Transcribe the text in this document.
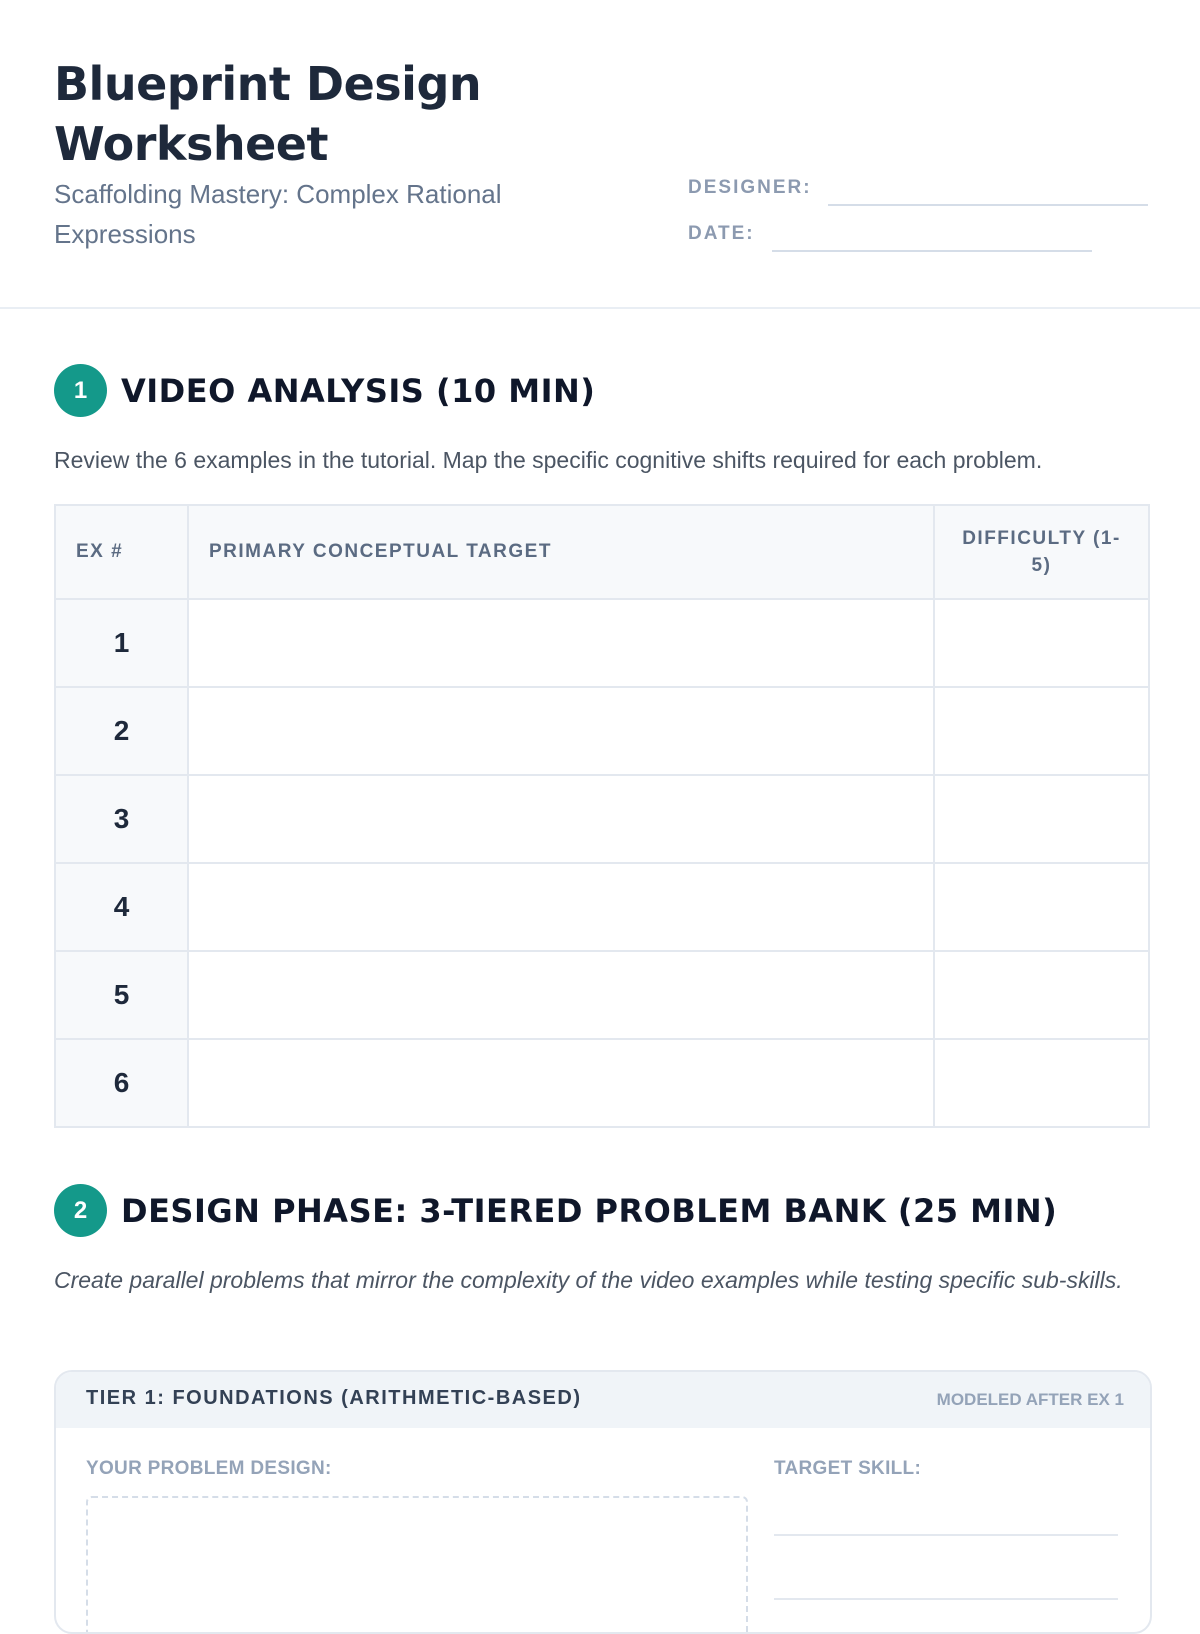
Blueprint Design Worksheet
Scaffolding Mastery: Complex Rational Expressions
DESIGNER:
DATE:
1	VIDEO ANALYSIS (10 MIN)
Review the 6 examples in the tutorial. Map the specific cognitive shifts required for each problem.
EX #	PRIMARY CONCEPTUAL TARGET	DIFFICULTY (1-5)
1		
2		
3		
4		
5		
6		
2	DESIGN PHASE: 3-TIERED PROBLEM BANK (25 MIN)
Create parallel problems that mirror the complexity of the video examples while testing specific sub-skills.
TIER 1: FOUNDATIONS (ARITHMETIC-BASED)	MODELED AFTER EX 1
YOUR PROBLEM DESIGN:	TARGET SKILL:
